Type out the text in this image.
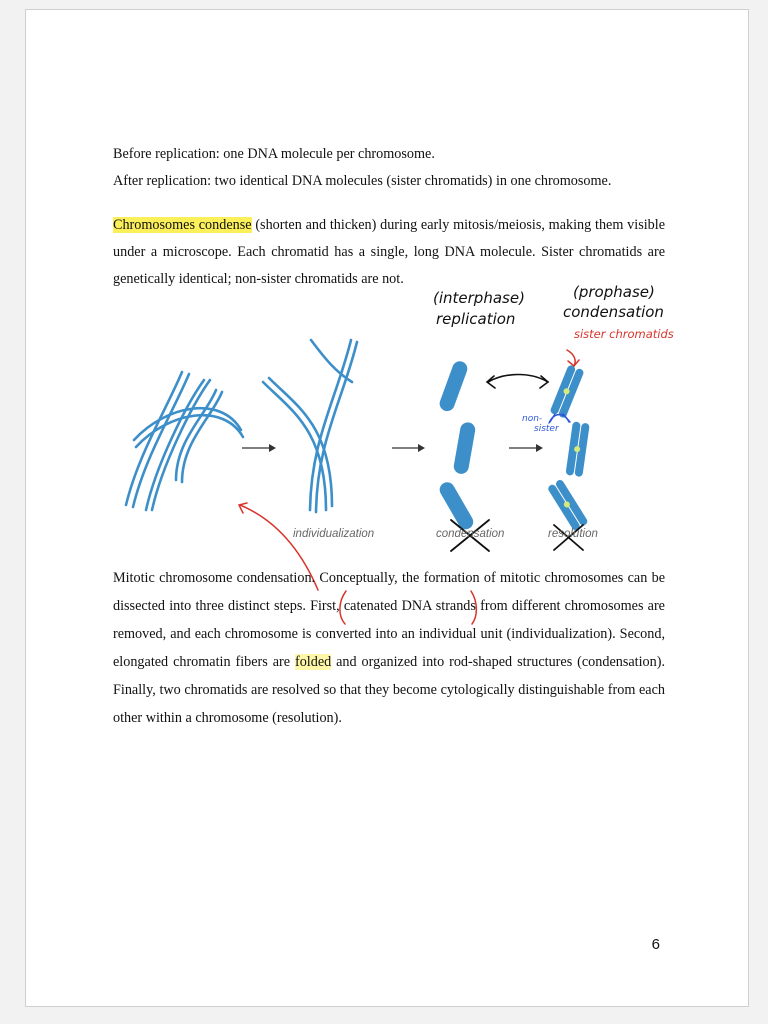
Before replication: one DNA molecule per chromosome.
After replication: two identical DNA molecules (sister chromatids) in one chromosome.
Chromosomes condense (shorten and thicken) during early mitosis/meiosis, making them visible
under a microscope. Each chromatid has a single, long DNA molecule. Sister chromatids are
genetically identical; non-sister chromatids are not.
individualization	condensation	resolution
(interphase)
replication
(prophase)
condensation
sister chromatids
non-
sister
Mitotic chromosome condensation. Conceptually, the formation of mitotic chromosomes can be
dissected into three distinct steps. First, catenated DNA strands from different chromosomes are
removed, and each chromosome is converted into an individual unit (individualization). Second,
elongated chromatin fibers are folded and organized into rod-shaped structures (condensation).
Finally, two chromatids are resolved so that they become cytologically distinguishable from each
other within a chromosome (resolution).
6
